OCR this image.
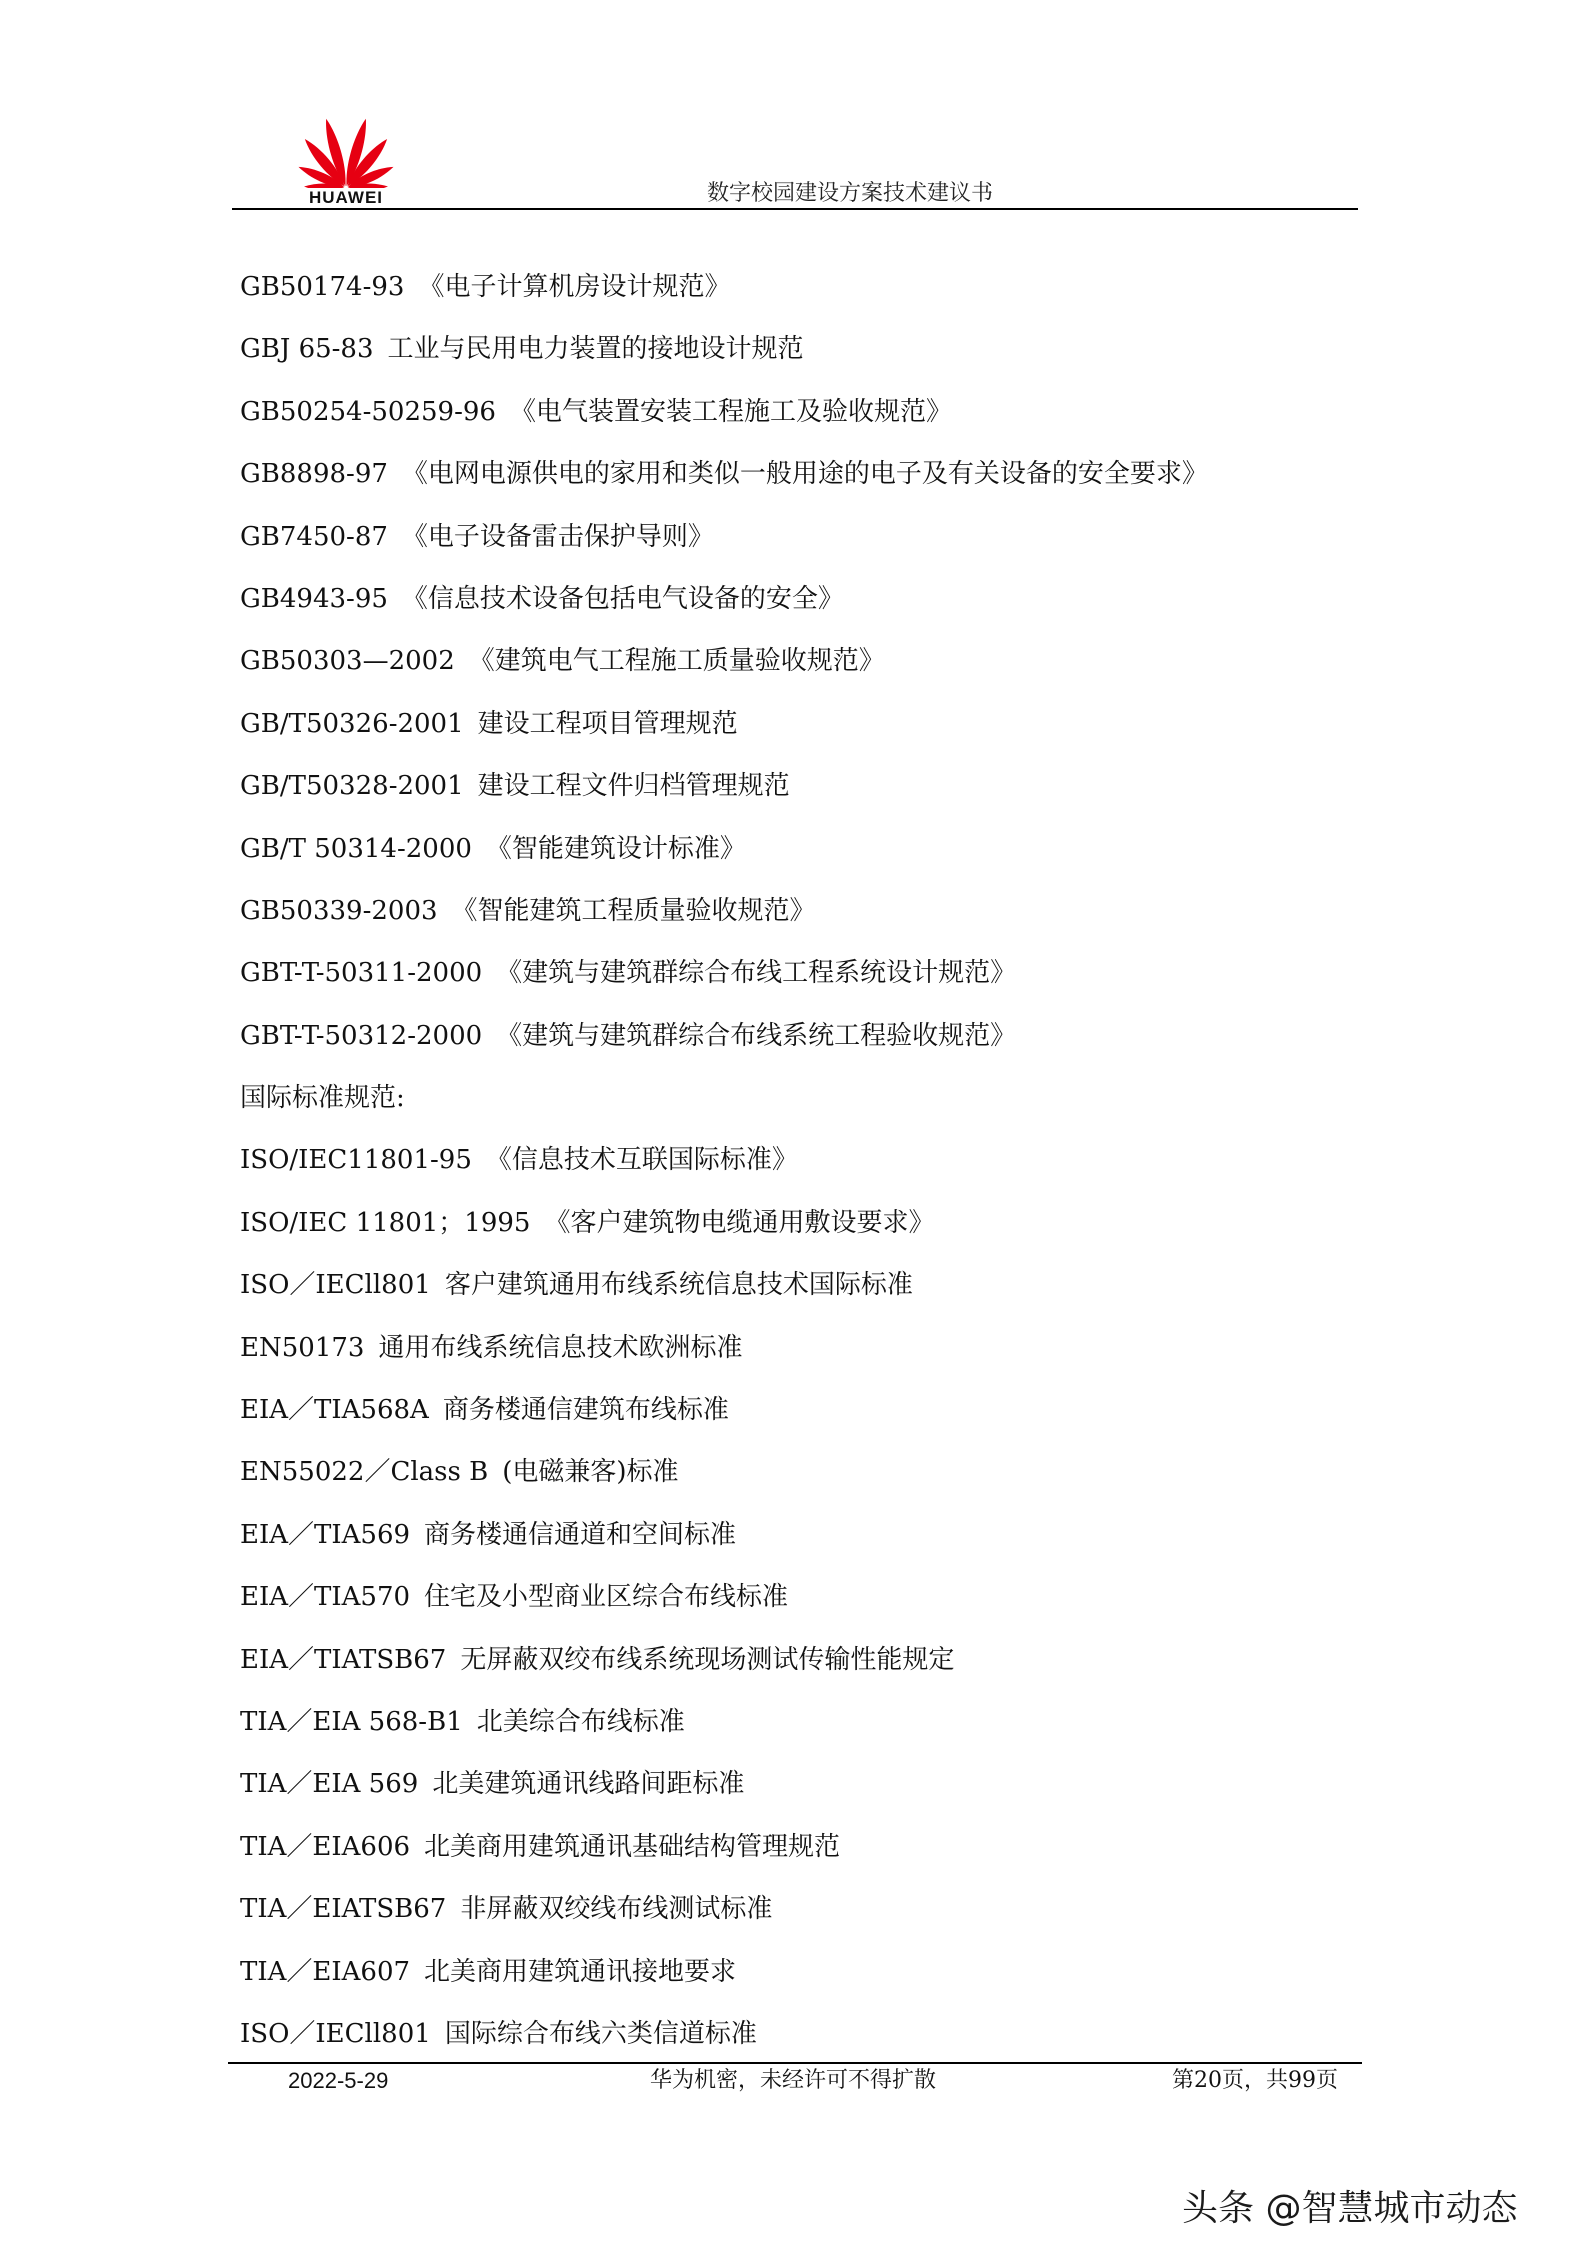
HUAWEI	数字校园建设方案技术建议书
GB50174-93 《电子计算机房设计规范》
GBJ 65-83 工业与民用电力装置的接地设计规范
GB50254-50259-96 《电气装置安装工程施工及验收规范》
GB8898-97 《电网电源供电的家用和类似一般用途的电子及有关设备的安全要求》
GB7450-87 《电子设备雷击保护导则》
GB4943-95 《信息技术设备包括电气设备的安全》
GB50303—2002 《建筑电气工程施工质量验收规范》
GB/T50326-2001 建设工程项目管理规范
GB/T50328-2001 建设工程文件归档管理规范
GB/T 50314-2000 《智能建筑设计标准》
GB50339-2003 《智能建筑工程质量验收规范》
GBT-T-50311-2000 《建筑与建筑群综合布线工程系统设计规范》
GBT-T-50312-2000 《建筑与建筑群综合布线系统工程验收规范》
国际标准规范:
ISO/IEC11801-95 《信息技术互联国际标准》
ISO/IEC 11801；1995 《客户建筑物电缆通用敷设要求》
ISO／IECll801 客户建筑通用布线系统信息技术国际标准
EN50173 通用布线系统信息技术欧洲标准
EIA／TIA568A 商务楼通信建筑布线标准
EN55022／Class B (电磁兼客)标准
EIA／TIA569 商务楼通信通道和空间标准
EIA／TIA570 住宅及小型商业区综合布线标准
EIA／TIATSB67 无屏蔽双绞布线系统现场测试传输性能规定
TIA／EIA 568-B1 北美综合布线标准
TIA／EIA 569 北美建筑通讯线路间距标准
TIA／EIA606 北美商用建筑通讯基础结构管理规范
TIA／EIATSB67 非屏蔽双绞线布线测试标准
TIA／EIA607 北美商用建筑通讯接地要求
ISO／IECll801 国际综合布线六类信道标准
2022-5-29	华为机密，未经许可不得扩散	第20页，共99页
头条 @智慧城市动态
